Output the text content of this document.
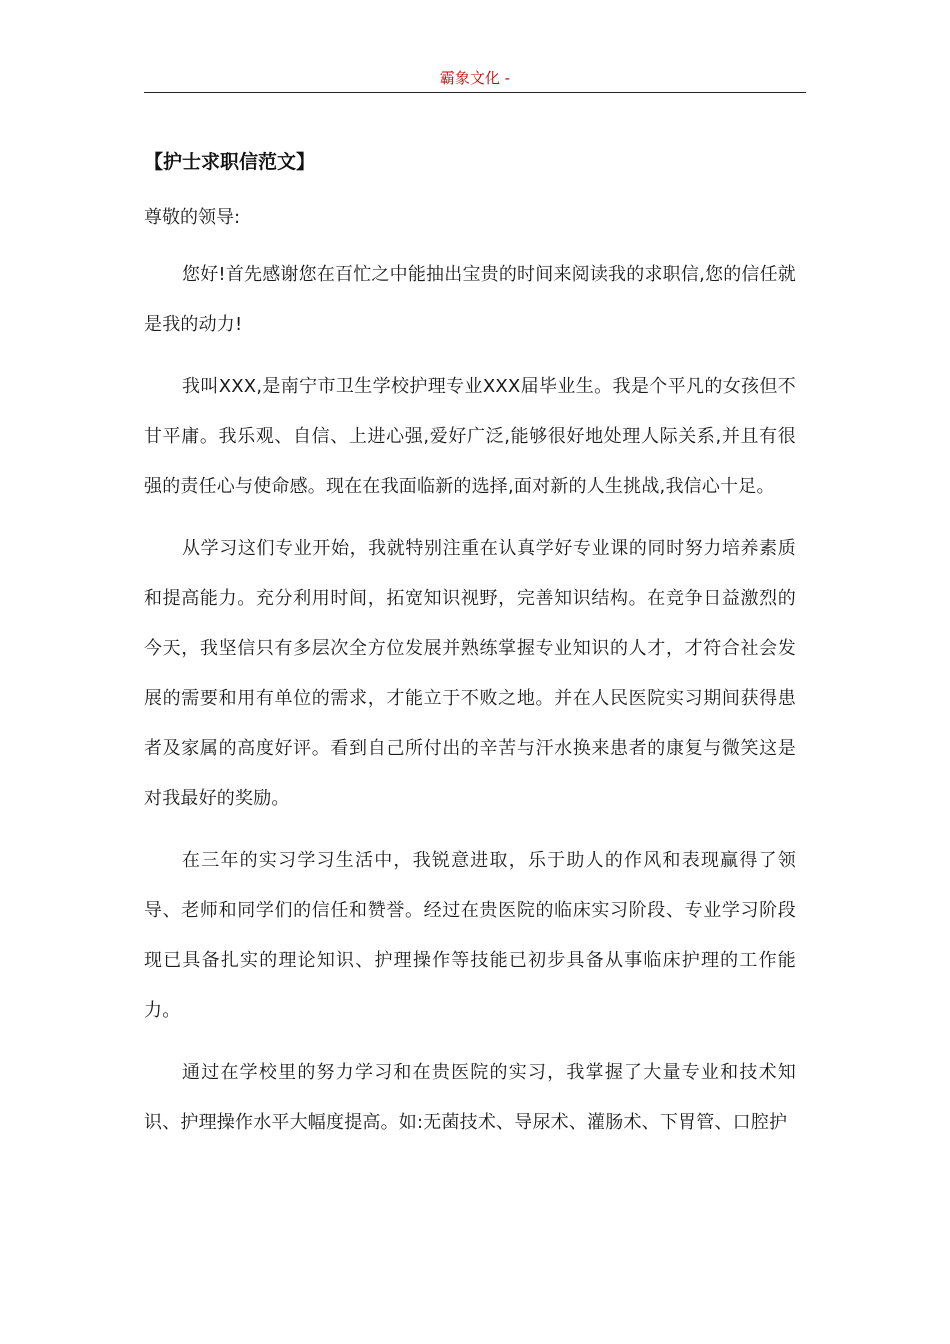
霸象文化 -
【护士求职信范文】
尊敬的领导:

您好!首先感谢您在百忙之中能抽出宝贵的时间来阅读我的求职信,您的信任就是我的动力!

我叫XXX,是南宁市卫生学校护理专业XXX届毕业生。我是个平凡的女孩但不甘平庸。我乐观、自信、上进心强,爱好广泛,能够很好地处理人际关系,并且有很强的责任心与使命感。现在在我面临新的选择,面对新的人生挑战,我信心十足。

从学习这们专业开始，我就特别注重在认真学好专业课的同时努力培养素质和提高能力。充分利用时间，拓宽知识视野，完善知识结构。在竞争日益激烈的今天，我坚信只有多层次全方位发展并熟练掌握专业知识的人才，才符合社会发展的需要和用有单位的需求，才能立于不败之地。并在人民医院实习期间获得患者及家属的高度好评。看到自己所付出的辛苦与汗水换来患者的康复与微笑这是对我最好的奖励。

在三年的实习学习生活中，我锐意进取，乐于助人的作风和表现赢得了领导、老师和同学们的信任和赞誉。经过在贵医院的临床实习阶段、专业学习阶段现已具备扎实的理论知识、护理操作等技能已初步具备从事临床护理的工作能力。

通过在学校里的努力学习和在贵医院的实习，我掌握了大量专业和技术知识、护理操作水平大幅度提高。如:无菌技术、导尿术、灌肠术、下胃管、口腔护
